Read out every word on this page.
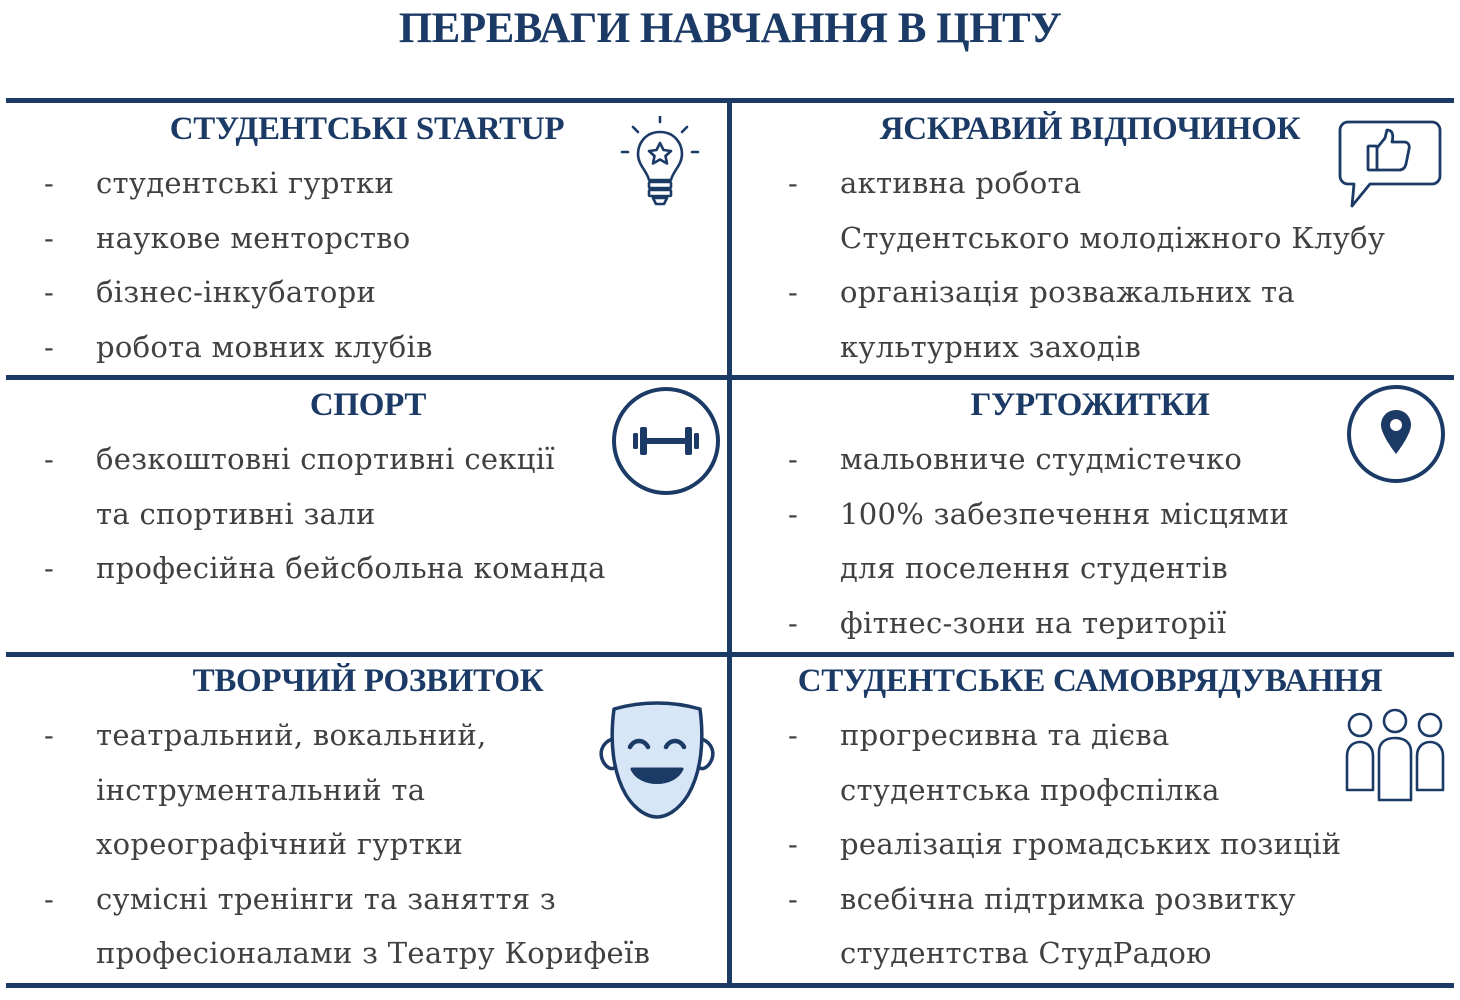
ПЕРЕВАГИ НАВЧАННЯ В ЦНТУ
СТУДЕНТСЬКІ STARTUP
- студентські гуртки
- наукове менторство
- бізнес-інкубатори
- робота мовних клубів
ЯСКРАВИЙ ВІДПОЧИНОК
- активна робота
Студентського молодіжного Клубу
- організація розважальних та
культурних заходів
СПОРТ
- безкоштовні спортивні секції
та спортивні зали
- професійна бейсбольна команда
ГУРТОЖИТКИ
- мальовниче студмістечко
- 100% забезпечення місцями
для поселення студентів
- фітнес-зони на території
ТВОРЧИЙ РОЗВИТОК
- театральний, вокальний,
інструментальний та
хореографічний гуртки
- сумісні тренінги та заняття з
професіоналами з Театру Корифеїв
СТУДЕНТСЬКЕ САМОВРЯДУВАННЯ
- прогресивна та дієва
студентська профспілка
- реалізація громадських позицій
- всебічна підтримка розвитку
студентства СтудРадою
